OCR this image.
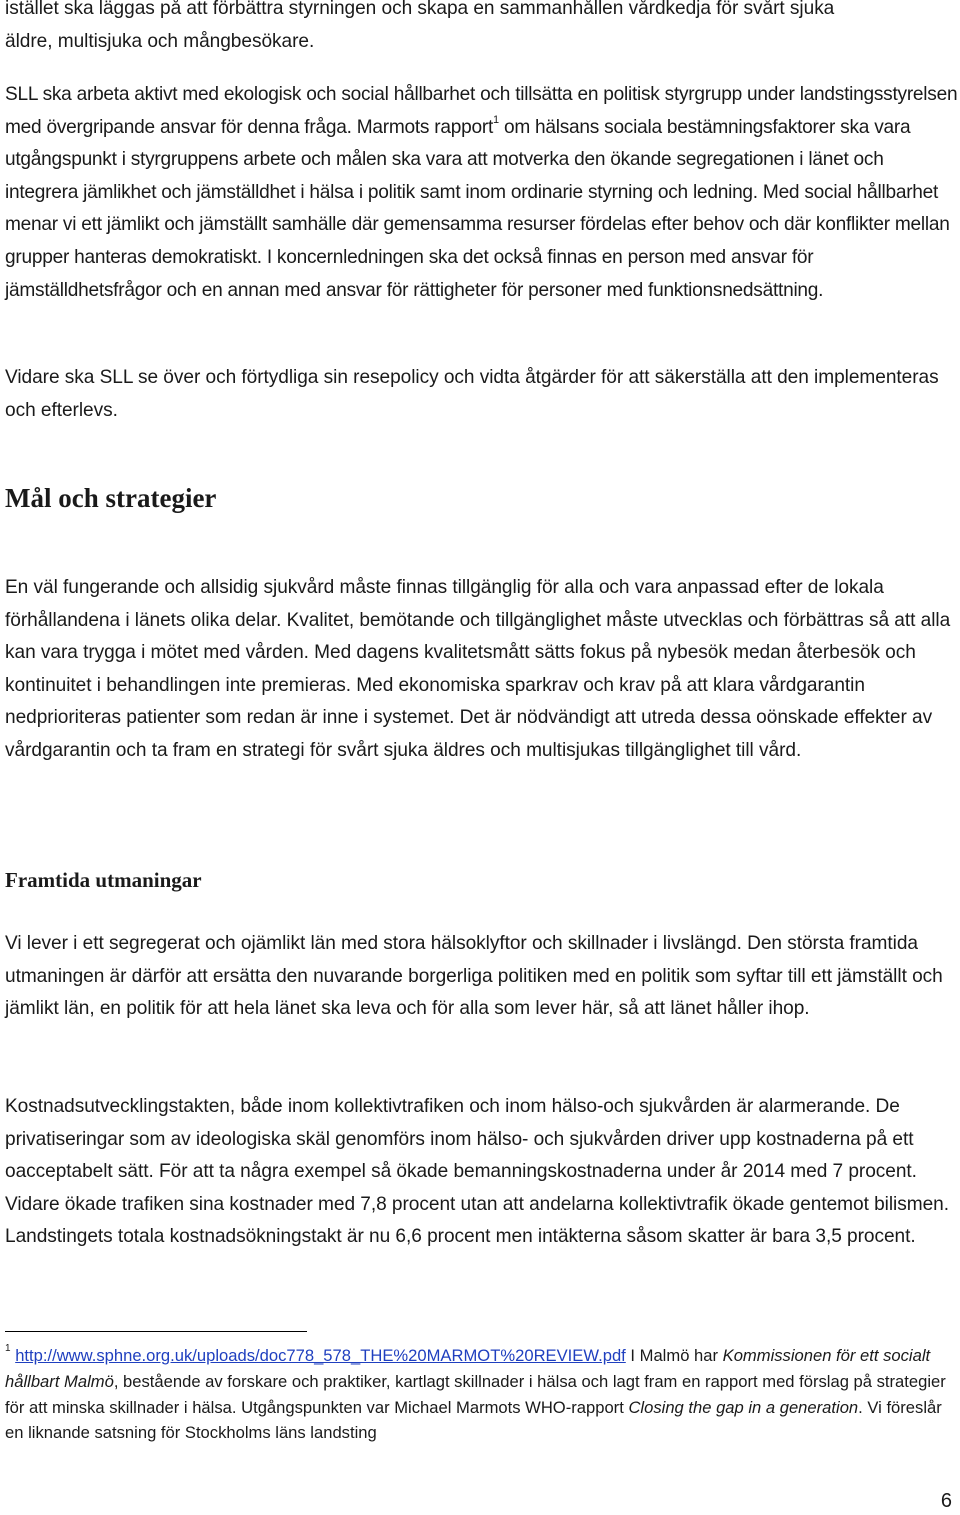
istället ska läggas på att förbättra styrningen och skapa en sammanhållen vårdkedja för svårt sjuka

äldre, multisjuka och mångbesökare.

SLL ska arbeta aktivt med ekologisk och social hållbarhet och tillsätta en politisk styrgrupp under landstingsstyrelsen med övergripande ansvar för denna fråga. Marmots rapport$^1$ om hälsans sociala bestämningsfaktorer ska vara utgångspunkt i styrgruppens arbete och målen ska vara att motverka den ökande segregationen i länet och integrera jämlikhet och jämställdhet i hälsa i politik samt inom ordinarie styrning och ledning. Med social hållbarhet menar vi ett jämlikt och jämställt samhälle där gemensamma resurser fördelas efter behov och där konflikter mellan grupper hanteras demokratiskt. I koncernledningen ska det också finnas en person med ansvar för jämställdhetsfrågor och en annan med ansvar för rättigheter för personer med funktionsnedsättning.

Vidare ska SLL se över och förtydliga sin resepolicy och vidta åtgärder för att säkerställa att den implementeras och efterlevs.

Mål och strategier

En väl fungerande och allsidig sjukvård måste finnas tillgänglig för alla och vara anpassad efter de lokala förhållandena i länets olika delar. Kvalitet, bemötande och tillgänglighet måste utvecklas och förbättras så att alla kan vara trygga i mötet med vården. Med dagens kvalitetsmått sätts fokus på nybesök medan återbesök och kontinuitet i behandlingen inte premieras. Med ekonomiska sparkrav och krav på att klara vårdgarantin nedprioriteras patienter som redan är inne i systemet. Det är nödvändigt att utreda dessa oönskade effekter av vårdgarantin och ta fram en strategi för svårt sjuka äldres och multisjukas tillgänglighet till vård.

Framtida utmaningar

Vi lever i ett segregerat och ojämlikt län med stora hälsoklyftor och skillnader i livslängd. Den största framtida utmaningen är därför att ersätta den nuvarande borgerliga politiken med en politik som syftar till ett jämställt och jämlikt län, en politik för att hela länet ska leva och för alla som lever här, så att länet håller ihop.

Kostnadsutvecklingstakten, både inom kollektivtrafiken och inom hälso-och sjukvården är alarmerande. De privatiseringar som av ideologiska skäl genomförs inom hälso- och sjukvården driver upp kostnaderna på ett oacceptabelt sätt. För att ta några exempel så ökade bemanningskostnaderna under år 2014 med 7 procent. Vidare ökade trafiken sina kostnader med 7,8 procent utan att andelarna kollektivtrafik ökade gentemot bilismen. Landstingets totala kostnadsökningstakt är nu 6,6 procent men intäkterna såsom skatter är bara 3,5 procent.

$^1$ http://www.sphne.org.uk/uploads/doc778_578_THE%20MARMOT%20REVIEW.pdf I Malmö har Kommissionen för ett socialt hållbart Malmö, bestående av forskare och praktiker, kartlagt skillnader i hälsa och lagt fram en rapport med förslag på strategier för att minska skillnader i hälsa. Utgångspunkten var Michael Marmots WHO-rapport Closing the gap in a generation. Vi föreslår en liknande satsning för Stockholms läns landsting

6
